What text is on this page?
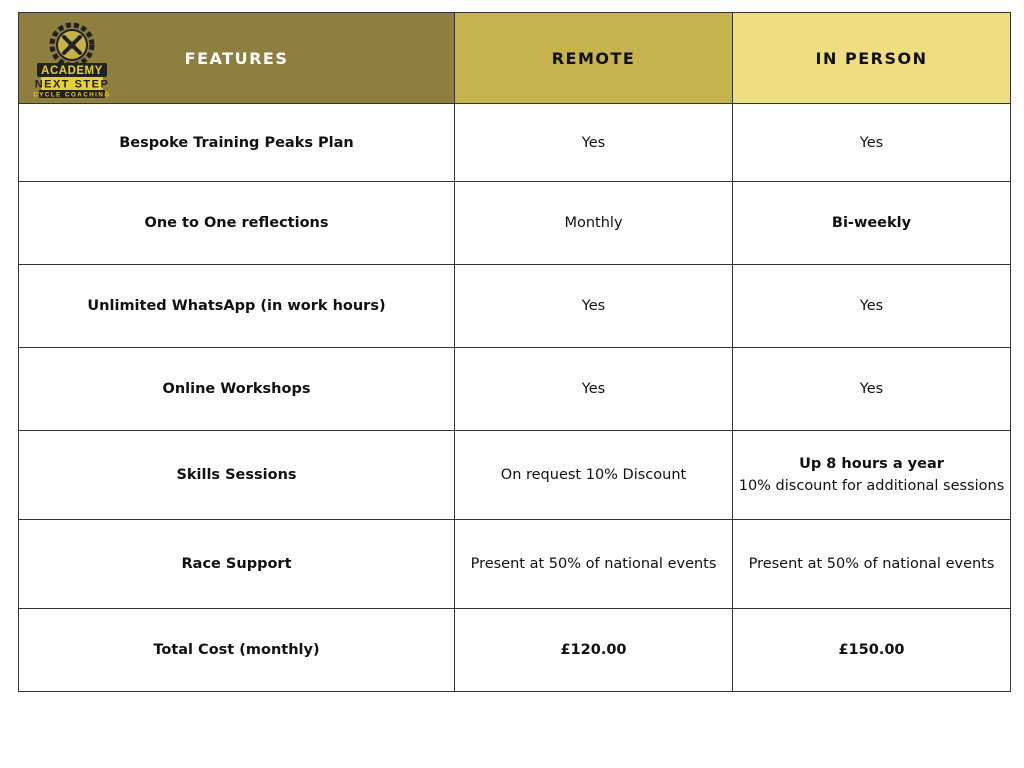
ACADEMY
NEXT STEP
CYCLE COACHING
FEATURES	REMOTE	IN PERSON
Bespoke Training Peaks Plan	Yes	Yes
One to One reflections	Monthly	Bi-weekly
Unlimited WhatsApp (in work hours)	Yes	Yes
Online Workshops	Yes	Yes
Skills Sessions	On request 10% Discount	Up 8 hours a year
10% discount for additional sessions

Race Support	Present at 50% of national events	Present at 50% of national events
Total Cost (monthly)	£120.00	£150.00
